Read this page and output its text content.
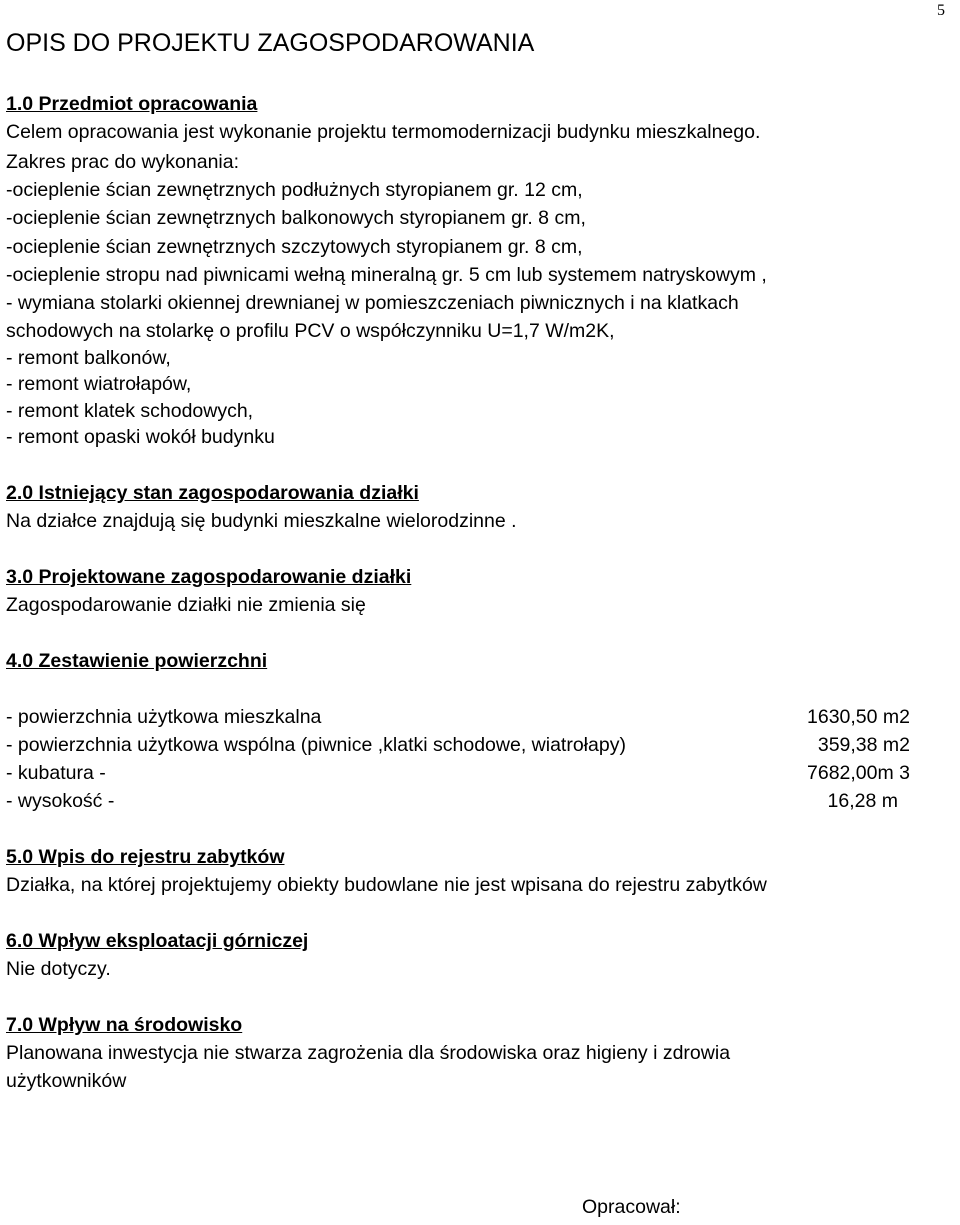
5
OPIS DO PROJEKTU ZAGOSPODAROWANIA
1.0 Przedmiot opracowania
Celem opracowania jest wykonanie projektu termomodernizacji budynku mieszkalnego.
Zakres prac do wykonania:
-ocieplenie ścian zewnętrznych podłużnych styropianem gr. 12 cm,
-ocieplenie ścian zewnętrznych balkonowych styropianem gr. 8 cm,
-ocieplenie ścian zewnętrznych szczytowych styropianem gr. 8 cm,
-ocieplenie stropu nad piwnicami wełną mineralną gr. 5 cm lub systemem natryskowym ,
- wymiana stolarki okiennej drewnianej w pomieszczeniach piwnicznych i na klatkach
schodowych na stolarkę o profilu PCV o współczynniku U=1,7 W/m2K,
- remont balkonów,
- remont wiatrołapów,
- remont klatek schodowych,
- remont opaski wokół budynku
2.0 Istniejący stan zagospodarowania działki
Na działce znajdują się budynki mieszkalne wielorodzinne .
3.0 Projektowane zagospodarowanie działki
Zagospodarowanie działki nie zmienia się
4.0 Zestawienie powierzchni
- powierzchnia użytkowa mieszkalna	1630,50 m2
- powierzchnia użytkowa wspólna (piwnice ,klatki schodowe, wiatrołapy)	359,38 m2
- kubatura -	7682,00m 3
- wysokość -	16,28 m
5.0 Wpis do rejestru zabytków
Działka, na której projektujemy obiekty budowlane nie jest wpisana do rejestru zabytków
6.0 Wpływ eksploatacji górniczej
Nie dotyczy.
7.0 Wpływ na środowisko
Planowana inwestycja nie stwarza zagrożenia dla środowiska oraz higieny i zdrowia
użytkowników
Opracował:
